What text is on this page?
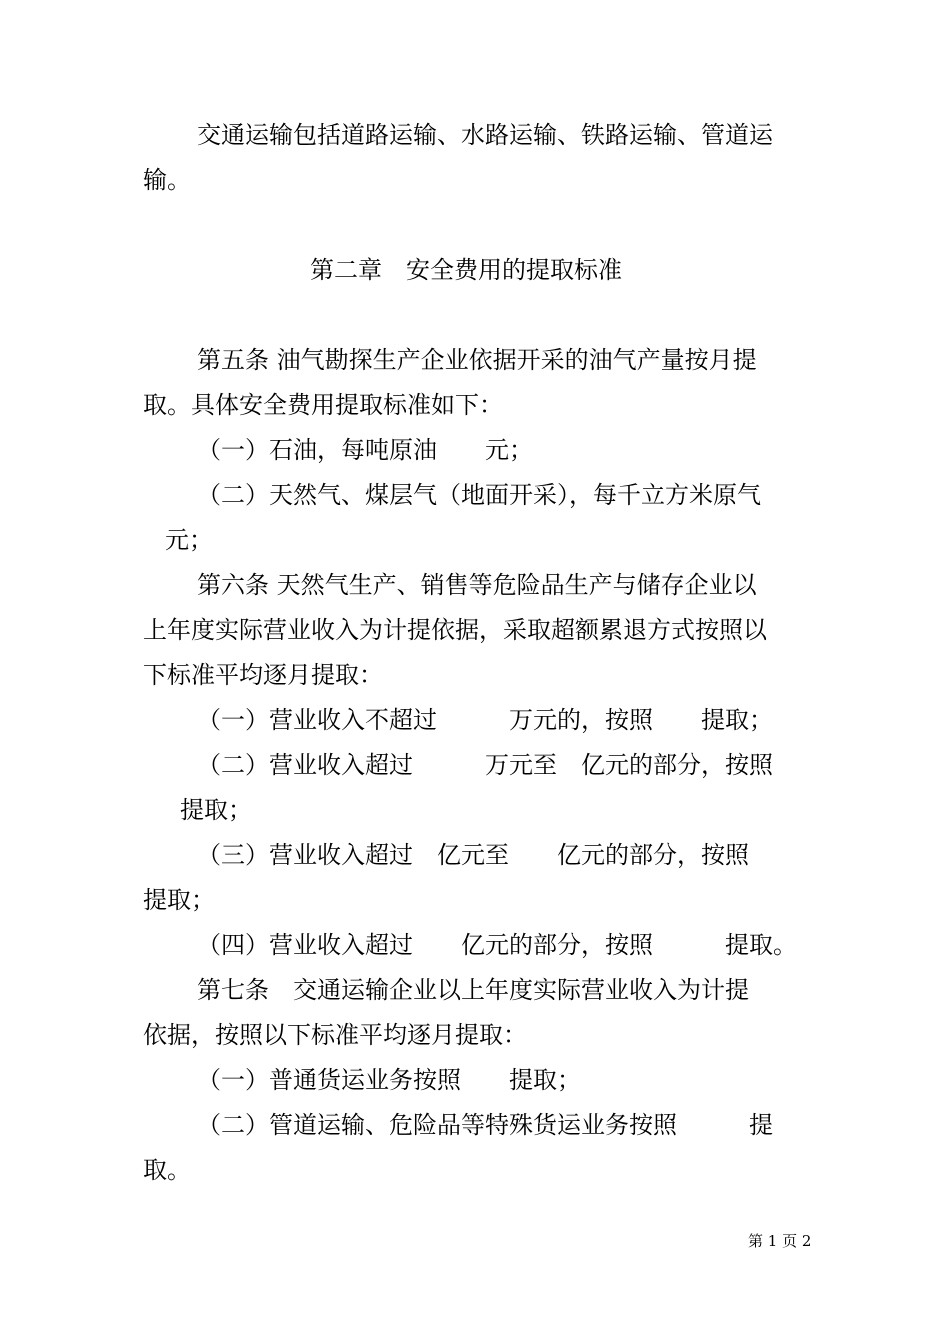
交通运输包括道路运输、水路运输、铁路运输、管道运
输。
第二章　安全费用的提取标准
第五条 油气勘探生产企业依据开采的油气产量按月提
取。具体安全费用提取标准如下：
（一）石油，每吨原油　　元；
（二）天然气、煤层气（地面开采），每千立方米原气
元；
第六条 天然气生产、销售等危险品生产与储存企业以
上年度实际营业收入为计提依据，采取超额累退方式按照以
下标准平均逐月提取：
（一）营业收入不超过　　　万元的，按照　　提取；
（二）营业收入超过　　　万元至　亿元的部分，按照
提取；
（三）营业收入超过　亿元至　　亿元的部分，按照
提取；
（四）营业收入超过　　亿元的部分，按照　　　提取。
第七条　交通运输企业以上年度实际营业收入为计提
依据，按照以下标准平均逐月提取：
（一）普通货运业务按照　　提取；
（二）管道运输、危险品等特殊货运业务按照　　　提
取。
第 1 页 2
